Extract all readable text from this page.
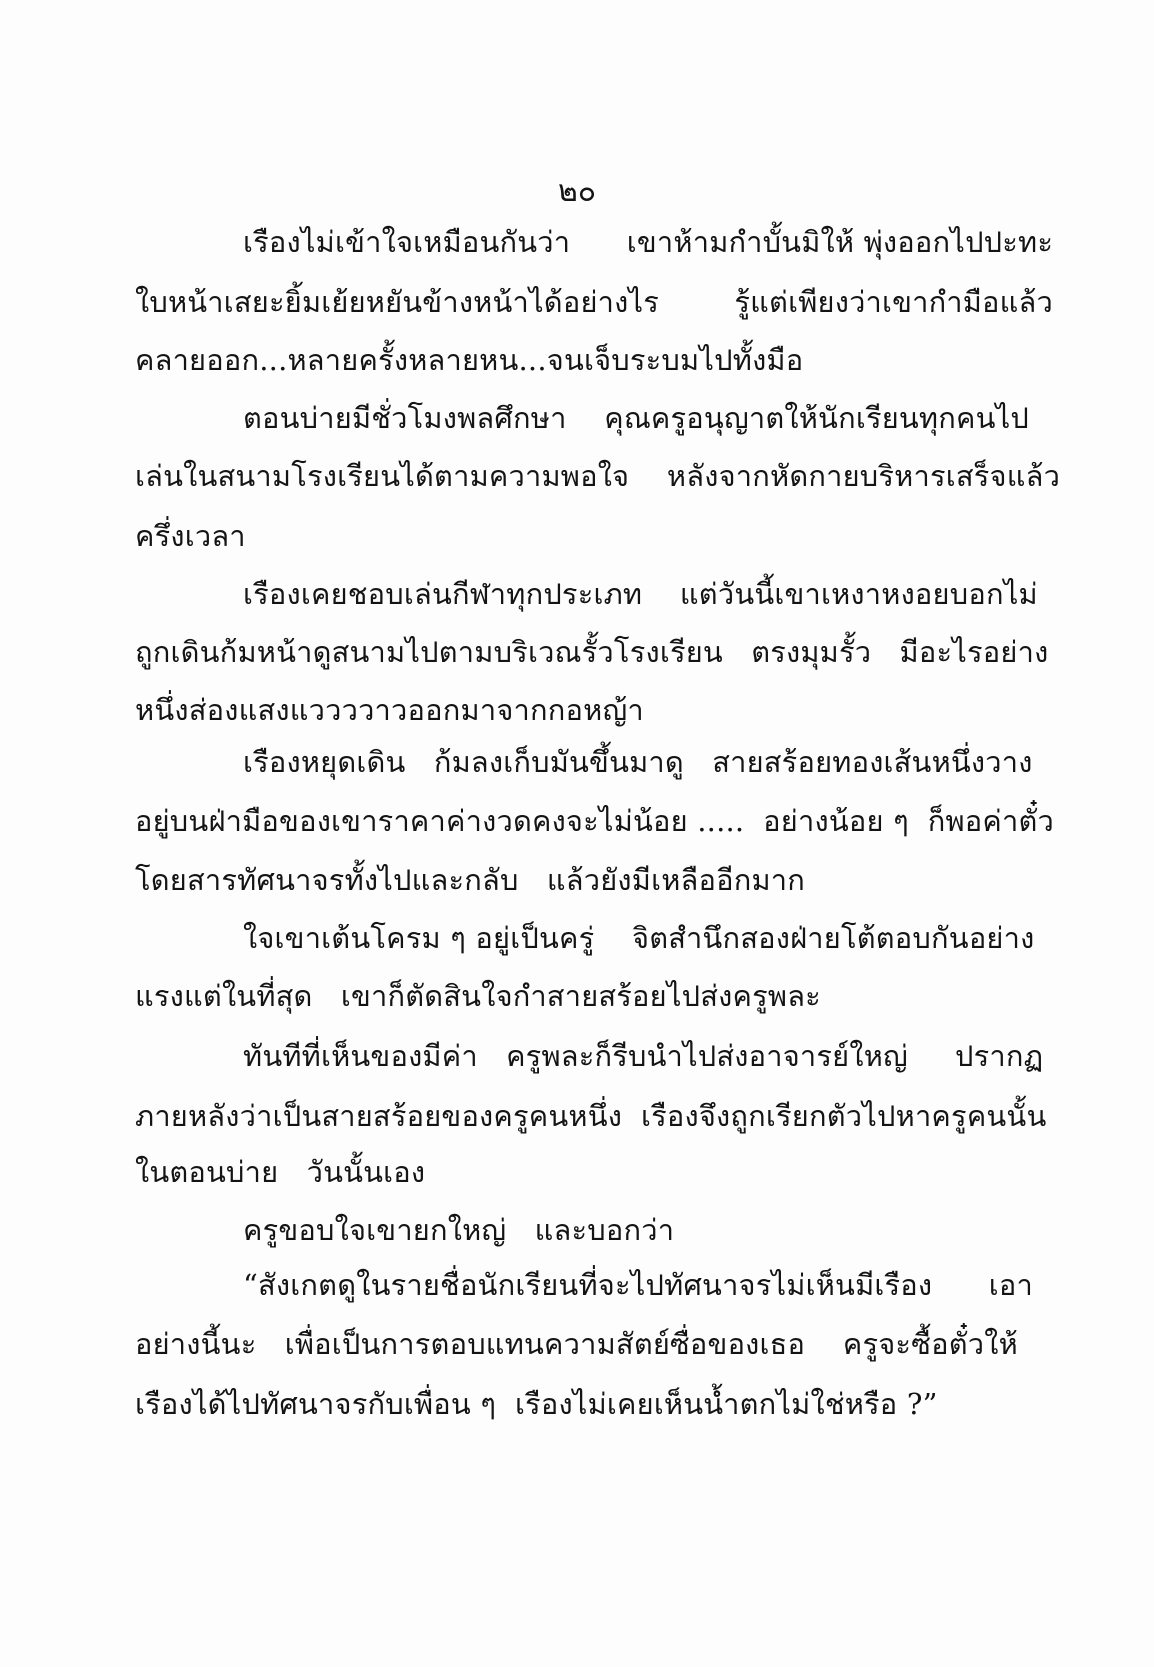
๒๐
เรืองไม่เข้าใจเหมือนกันว่า      เขาห้ามกำบั้นมิให้ พุ่งออกไปปะทะ
ใบหน้าเสยะยิ้มเย้ยหยันข้างหน้าได้อย่างไร        รู้แต่เพียงว่าเขากำมือแล้ว
คลายออก...หลายครั้งหลายหน...จนเจ็บระบมไปทั้งมือ
ตอนบ่ายมีชั่วโมงพลศึกษา    คุณครูอนุญาตให้นักเรียนทุกคนไป
เล่นในสนามโรงเรียนได้ตามความพอใจ    หลังจากหัดกายบริหารเสร็จแล้ว
ครึ่งเวลา
เรืองเคยชอบเล่นกีฬาทุกประเภท    แต่วันนี้เขาเหงาหงอยบอกไม่
ถูกเดินก้มหน้าดูสนามไปตามบริเวณรั้วโรงเรียน   ตรงมุมรั้ว   มีอะไรอย่าง
หนึ่งส่องแสงแววววาวออกมาจากกอหญ้า
เรืองหยุดเดิน   ก้มลงเก็บมันขึ้นมาดู   สายสร้อยทองเส้นหนึ่งวาง
อยู่บนฝ่ามือของเขาราคาค่างวดคงจะไม่น้อย .....  อย่างน้อย ๆ  ก็พอค่าตั๋ว
โดยสารทัศนาจรทั้งไปและกลับ   แล้วยังมีเหลืออีกมาก
ใจเขาเต้นโครม ๆ อยู่เป็นครู่    จิตสำนึกสองฝ่ายโต้ตอบกันอย่าง
แรงแต่ในที่สุด   เขาก็ตัดสินใจกำสายสร้อยไปส่งครูพละ
ทันทีที่เห็นของมีค่า   ครูพละก็รีบนำไปส่งอาจารย์ใหญ่     ปรากฏ
ภายหลังว่าเป็นสายสร้อยของครูคนหนึ่ง  เรืองจึงถูกเรียกตัวไปหาครูคนนั้น
ในตอนบ่าย   วันนั้นเอง
ครูขอบใจเขายกใหญ่   และบอกว่า
“สังเกตดูในรายชื่อนักเรียนที่จะไปทัศนาจรไม่เห็นมีเรือง      เอา
อย่างนี้นะ   เพื่อเป็นการตอบแทนความสัตย์ซื่อของเธอ    ครูจะซื้อตั๋วให้
เรืองได้ไปทัศนาจรกับเพื่อน ๆ  เรืองไม่เคยเห็นน้ำตกไม่ใช่หรือ ?”
